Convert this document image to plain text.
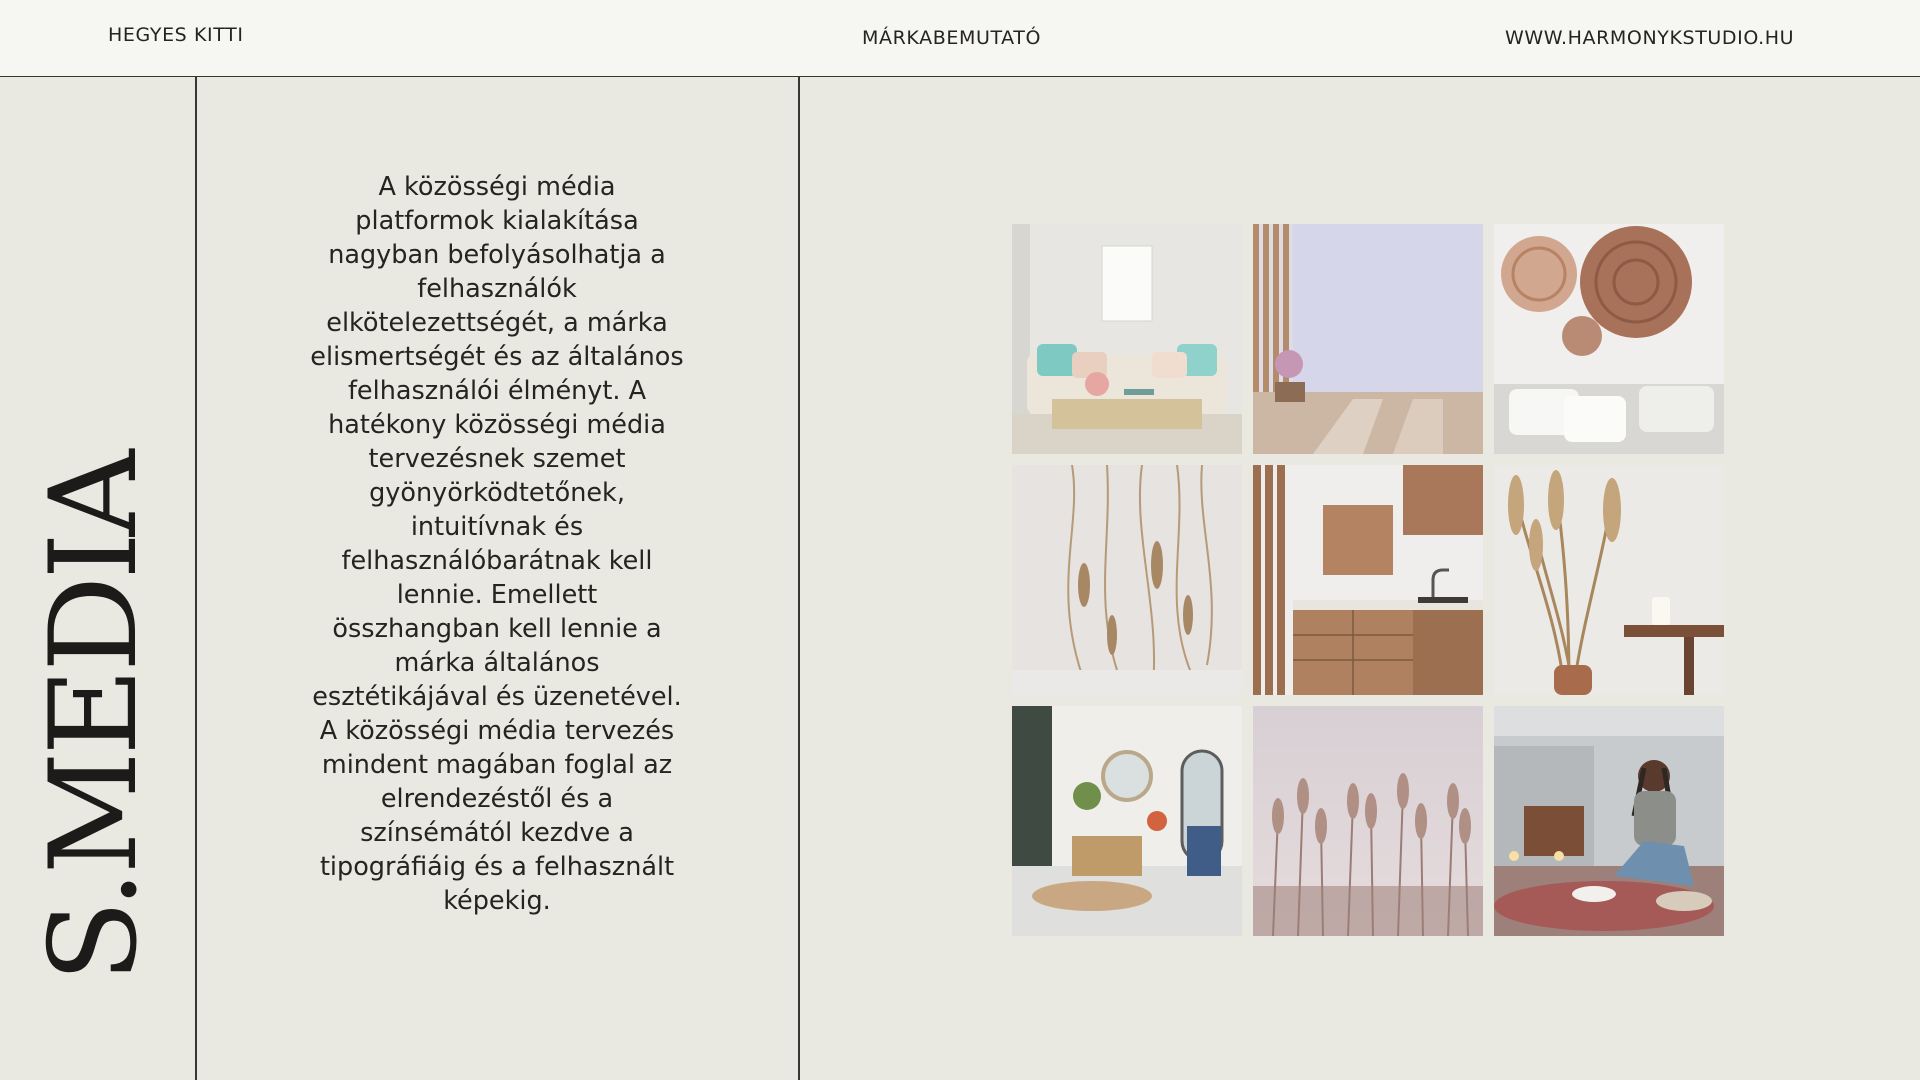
HEGYES KITTI	MÁRKABEMUTATÓ	WWW.HARMONYKSTUDIO.HU
S.MEDIA
A közösségi média platformok kialakítása nagyban befolyásolhatja a felhasználók elkötelezettségét, a márka elismertségét és az általános felhasználói élményt. A hatékony közösségi média tervezésnek szemet gyönyörködtetőnek, intuitívnak és felhasználóbarátnak kell lennie. Emellett összhangban kell lennie a márka általános esztétikájával és üzenetével. A közösségi média tervezés mindent magában foglal az elrendezéstől és a színsémától kezdve a tipográfiáig és a felhasznált képekig.
